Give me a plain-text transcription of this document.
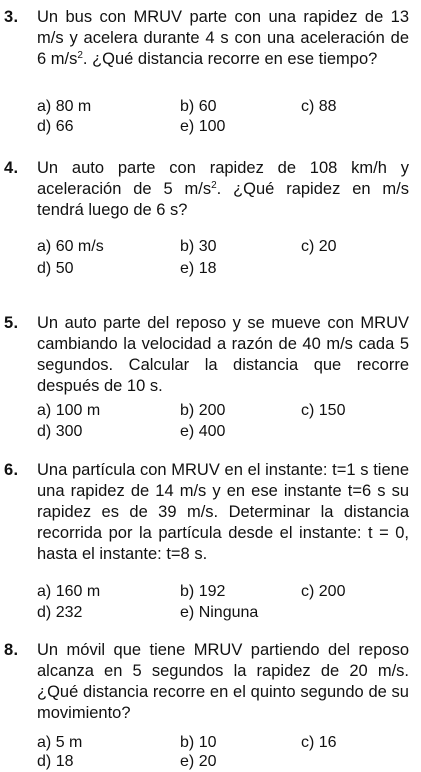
3. Un bus con MRUV parte con una rapidez de 13 m/s y acelera durante 4 s con una aceleración de 6 $m/s^2$. ¿Qué distancia recorre en ese tiempo?
a) 80 m	b) 60	c) 88
d) 66	e) 100
4. Un auto parte con rapidez de 108 km/h y aceleración de 5 $m/s^2$. ¿Qué rapidez en m/s tendrá luego de 6 s?
a) 60 m/s	b) 30	c) 20
d) 50	e) 18
5. Un auto parte del reposo y se mueve con MRUV cambiando la velocidad a razón de 40 m/s cada 5 segundos. Calcular la distancia que recorre después de 10 s.
a) 100 m	b) 200	c) 150
d) 300	e) 400
6. Una partícula con MRUV en el instante: t=1 s tiene una rapidez de 14 m/s y en ese instante t=6 s su rapidez es de 39 m/s. Determinar la distancia recorrida por la partícula desde el instante: t = 0, hasta el instante: t=8 s.
a) 160 m	b) 192	c) 200
d) 232	e) Ninguna
8. Un móvil que tiene MRUV partiendo del reposo alcanza en 5 segundos la rapidez de 20 m/s. ¿Qué distancia recorre en el quinto segundo de su movimiento?
a) 5 m	b) 10	c) 16
d) 18	e) 20
